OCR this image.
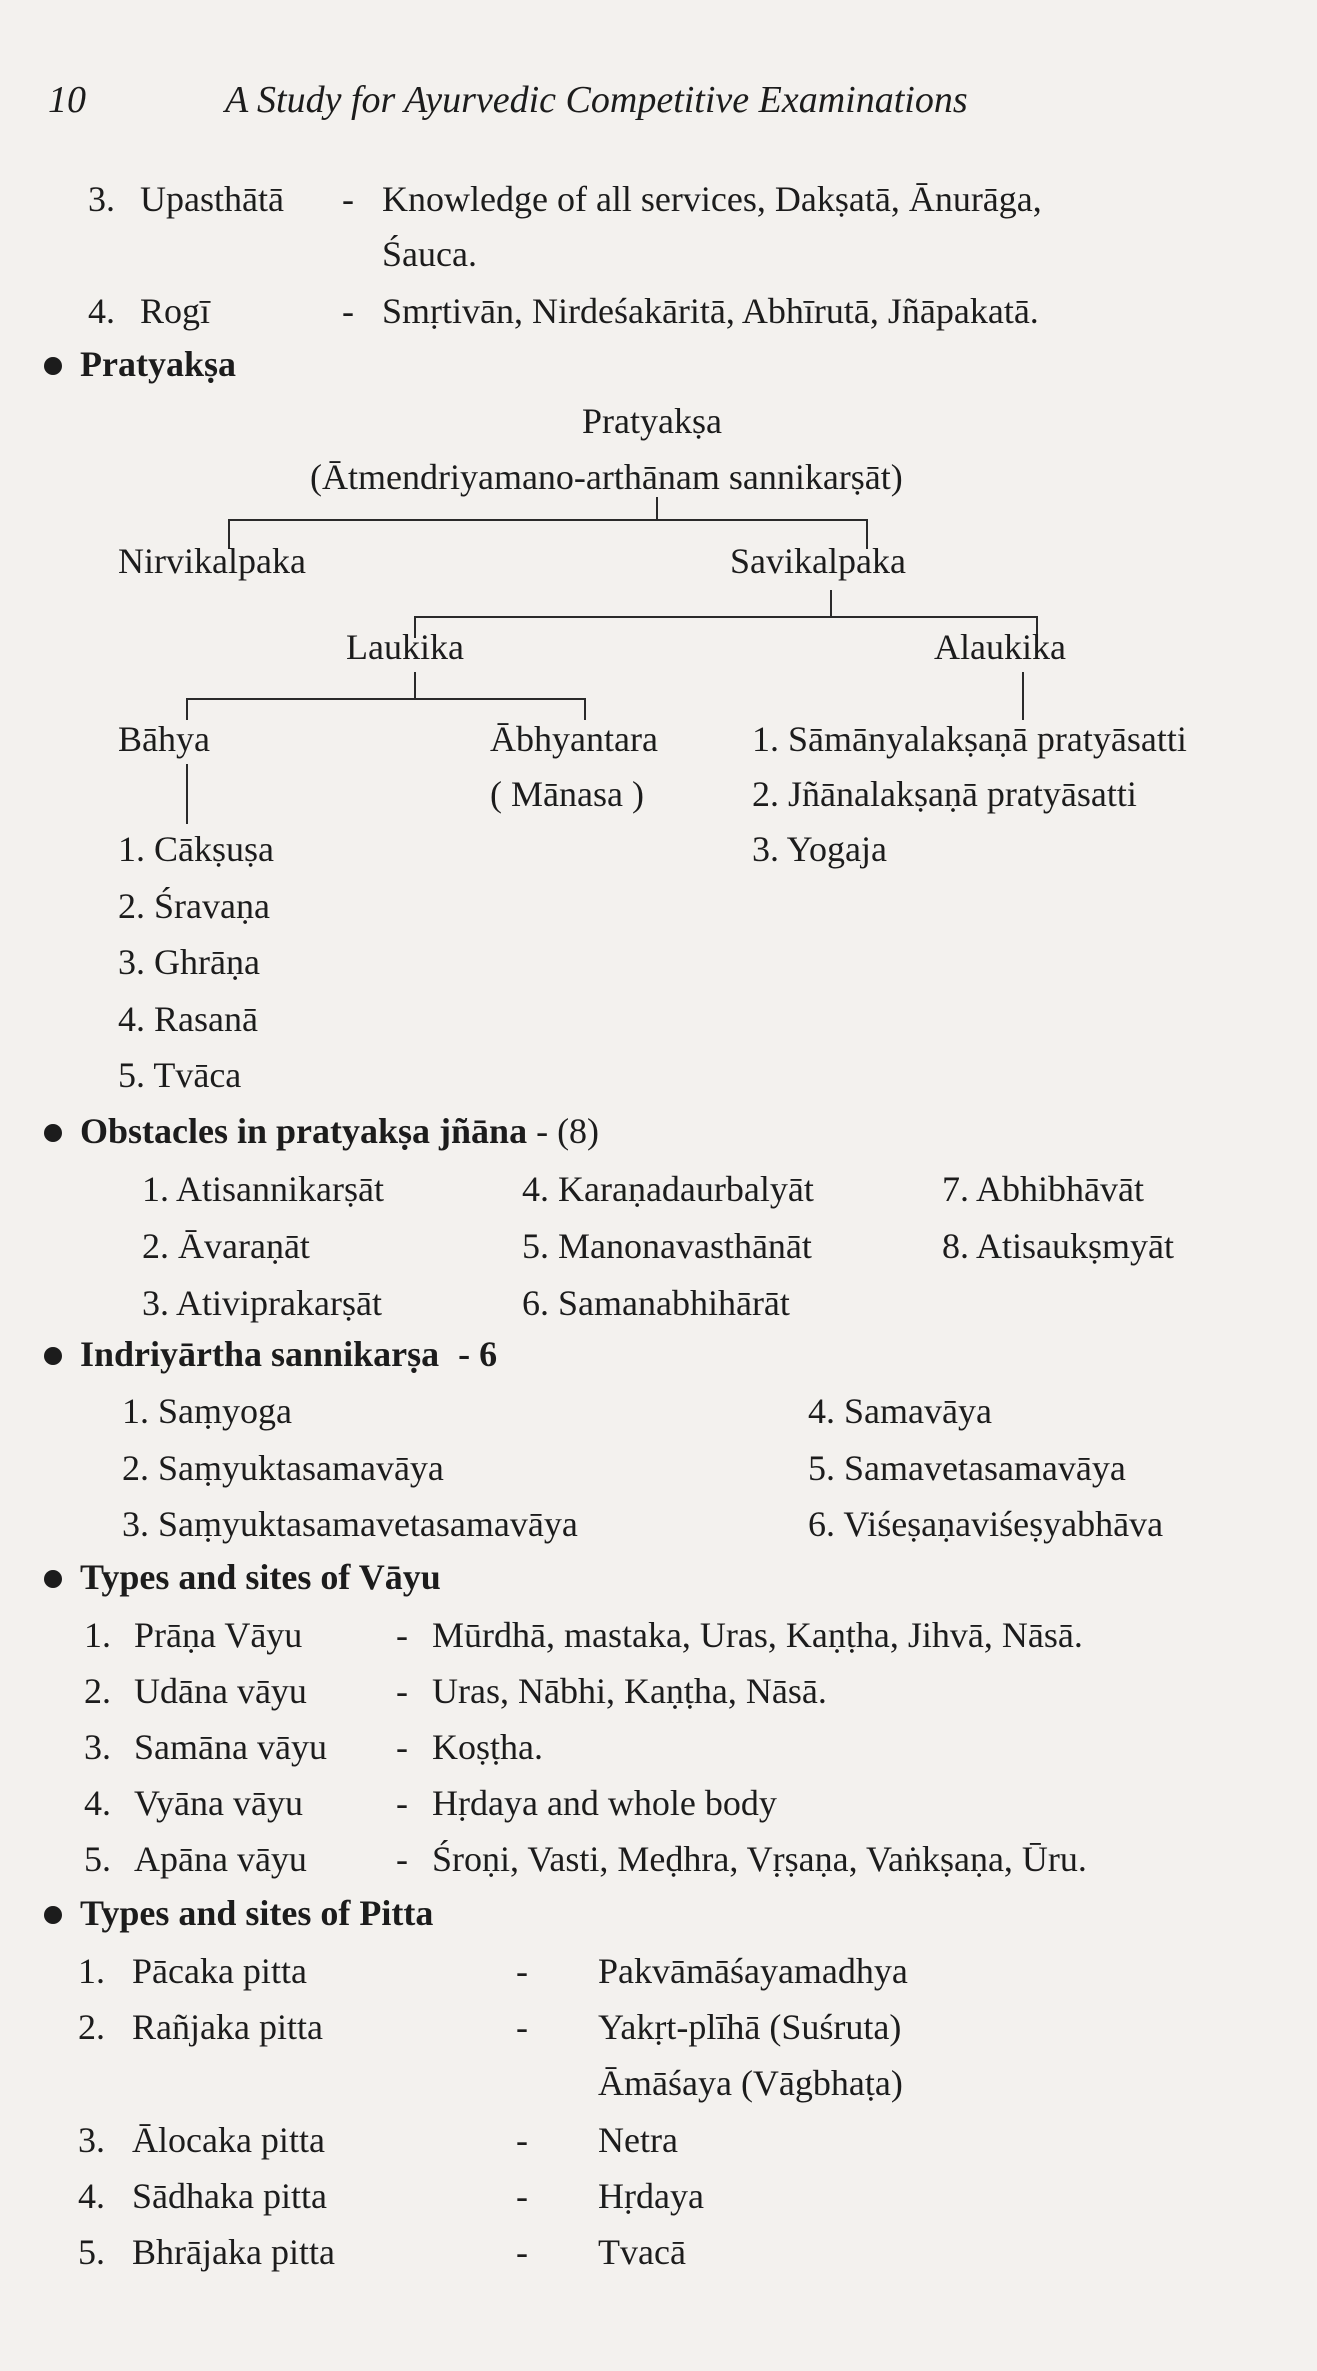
10	A Study for Ayurvedic Competitive Examinations
3. Upasthātā - Knowledge of all services, Dakṣatā, Ānurāga,
Śauca.
4. Rogī	- Smṛtivān, Nirdeśakāritā, Abhīrutā, Jñāpakatā.
Pratyakṣa
Pratyakṣa
(Ātmendriyamano-arthānam sannikarṣāt)
Nirvikalpaka	Savikalpaka
Laukika	Alaukika
Bāhya	Ābhyantara
( Mānasa )
1. Cākṣuṣa
2. Śravaṇa
3. Ghrāṇa
4. Rasanā
5. Tvāca
1. Sāmānyalakṣaṇā pratyāsatti
2. Jñānalakṣaṇā pratyāsatti
3. Yogaja
Obstacles in pratyakṣa jñāna - (8)
1. Atisannikarṣāt
2. Āvaraṇāt
3. Ativiprakarṣāt
4. Karaṇadaurbalyāt
5. Manonavasthānāt
6. Samanabhihārāt
7. Abhibhāvāt
8. Atisaukṣmyāt
Indriyārtha sannikarṣa - 6
1. Saṃyoga
2. Saṃyuktasamavāya
3. Saṃyuktasamavetasamavāya
4. Samavāya
5. Samavetasamavāya
6. Viśeṣaṇaviśeṣyabhāva
Types and sites of Vāyu
1. Prāṇa Vāyu	- Mūrdhā, mastaka, Uras, Kaṇṭha, Jihvā, Nāsā.
2. Udāna vāyu - Uras, Nābhi, Kaṇṭha, Nāsā.
3. Samāna vāyu - Koṣṭha.
4. Vyāna vāyu	- Hṛdaya and whole body
5. Apāna vāyu - Śroṇi, Vasti, Meḍhra, Vṛṣaṇa, Vaṅkṣaṇa, Ūru.
Types and sites of Pitta
1. Pācaka pitta	- Pakvāmāśayamadhya
2. Rañjaka pitta	- Yakṛt-plīhā (Suśruta)
Āmāśaya (Vāgbhaṭa)
3. Ālocaka pitta	- Netra
4. Sādhaka pitta	- Hṛdaya
5. Bhrājaka pitta	- Tvacā
